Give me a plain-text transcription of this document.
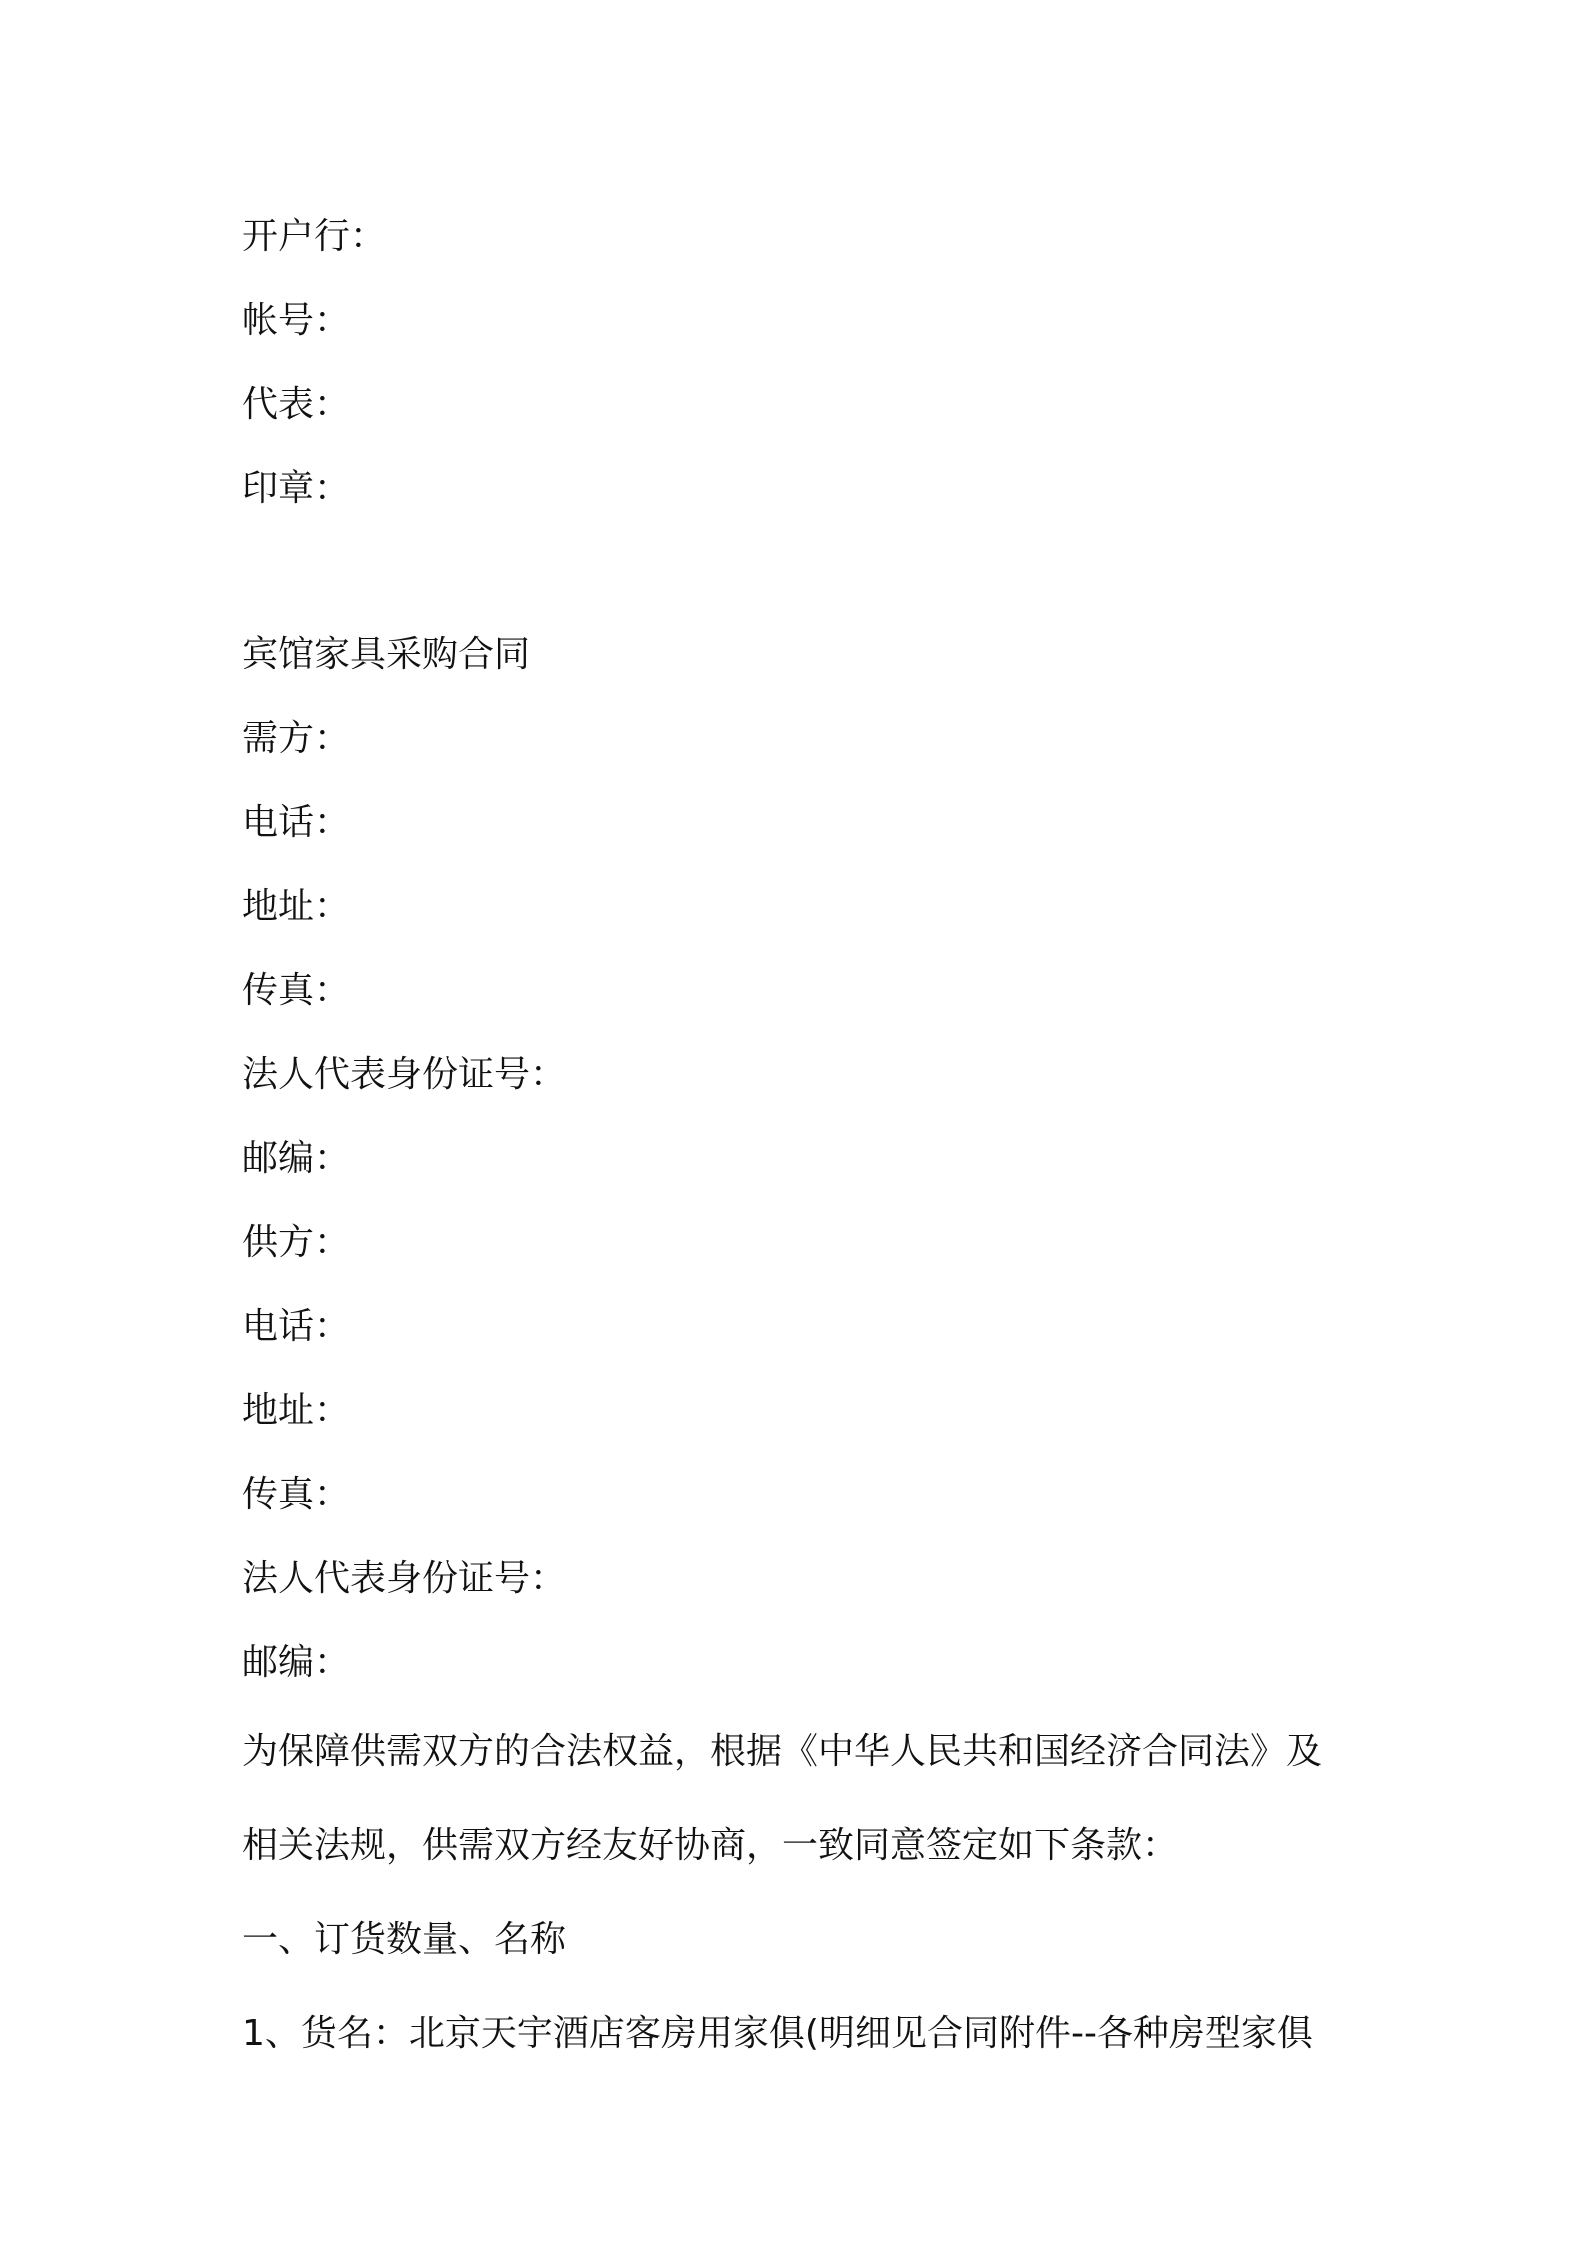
开户行：
帐号：
代表：
印章：
宾馆家具采购合同
需方：
电话：
地址：
传真：
法人代表身份证号：
邮编：
供方：
电话：
地址：
传真：
法人代表身份证号：
邮编：
为保障供需双方的合法权益，根据《中华人民共和国经济合同法》及
相关法规，供需双方经友好协商，一致同意签定如下条款：
一、订货数量、名称
1、货名：北京天宇酒店客房用家俱(明细见合同附件--各种房型家俱
